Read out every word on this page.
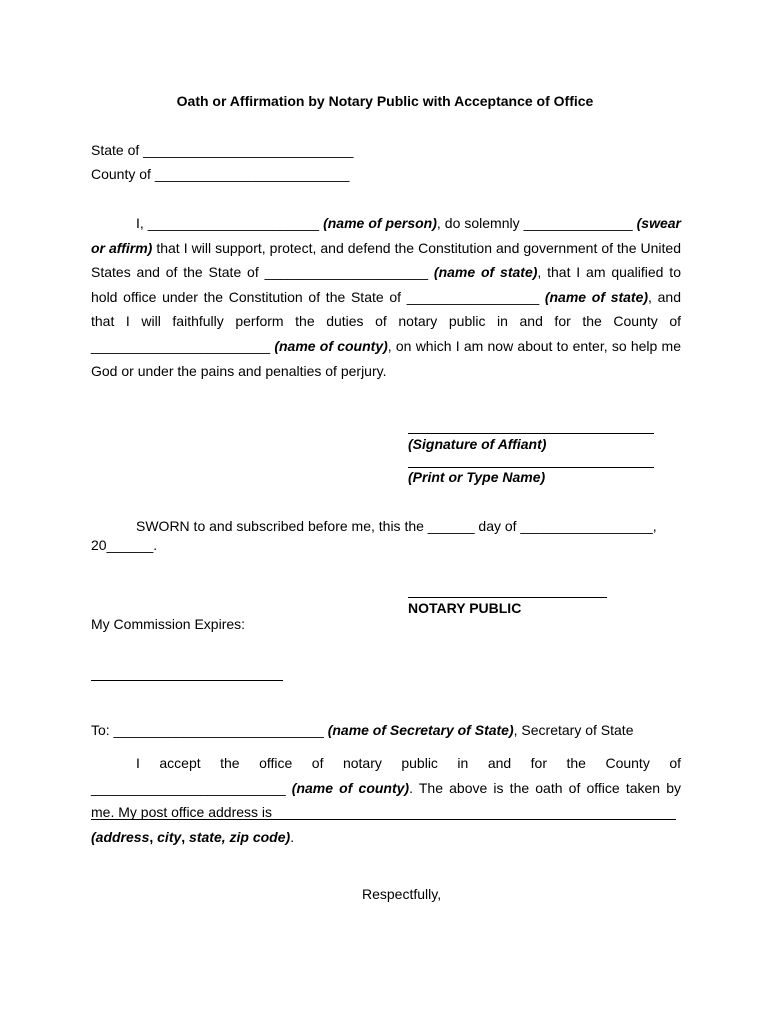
Oath or Affirmation by Notary Public with Acceptance of Office
State of ___________________________
County of _________________________
I, ______________________ (name of person), do solemnly ______________ (swear or affirm) that I will support, protect, and defend the Constitution and government of the United States and of the State of _____________________ (name of state), that I am qualified to hold office under the Constitution of the State of _________________ (name of state), and that I will faithfully perform the duties of notary public in and for the County of _______________________ (name of county), on which I am now about to enter, so help me God or under the pains and penalties of perjury.
(Signature of Affiant)
(Print or Type Name)
SWORN to and subscribed before me, this the ______ day of _________________,
20______.
NOTARY PUBLIC
My Commission Expires:
To: ___________________________ (name of Secretary of State), Secretary of State
I accept the office of notary public in and for the County of _________________________ (name of county). The above is the oath of office taken by me. My post office address is
(address, city, state, zip code).
Respectfully,
